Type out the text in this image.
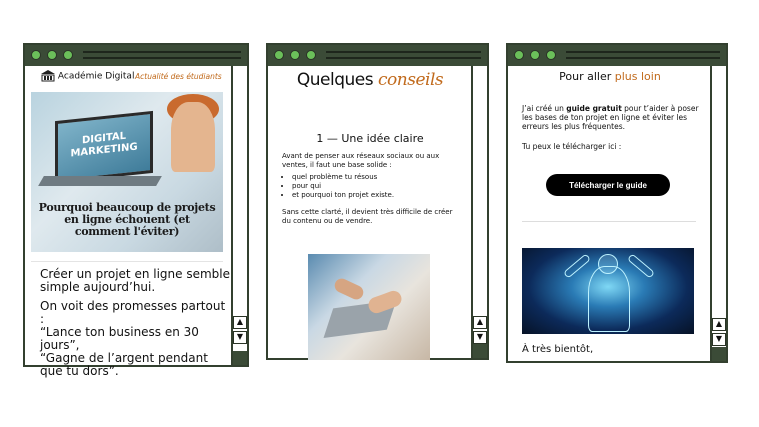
Académie Digital Actualité des étudiants
DIGITAL MARKETING
Pourquoi beaucoup de projets en ligne échouent (et comment l'éviter)

Créer un projet en ligne semble simple aujourd’hui.

On voit des promesses partout :
“Lance ton business en 30 jours”,
“Gagne de l’argent pendant que tu dors”.

▲
▼
Quelques conseils
1 — Une idée claire
Avant de penser aux réseaux sociaux ou aux ventes, il faut une base solide :
• quel problème tu résous
• pour qui
• et pourquoi ton projet existe.
Sans cette clarté, il devient très difficile de créer du contenu ou de vendre.
▲
▼
Pour aller plus loin
J’ai créé un guide gratuit pour t’aider à poser les bases de ton projet en ligne et éviter les erreurs les plus fréquentes.
Tu peux le télécharger ici :
Télécharger le guide
À très bientôt,
▲
▼
